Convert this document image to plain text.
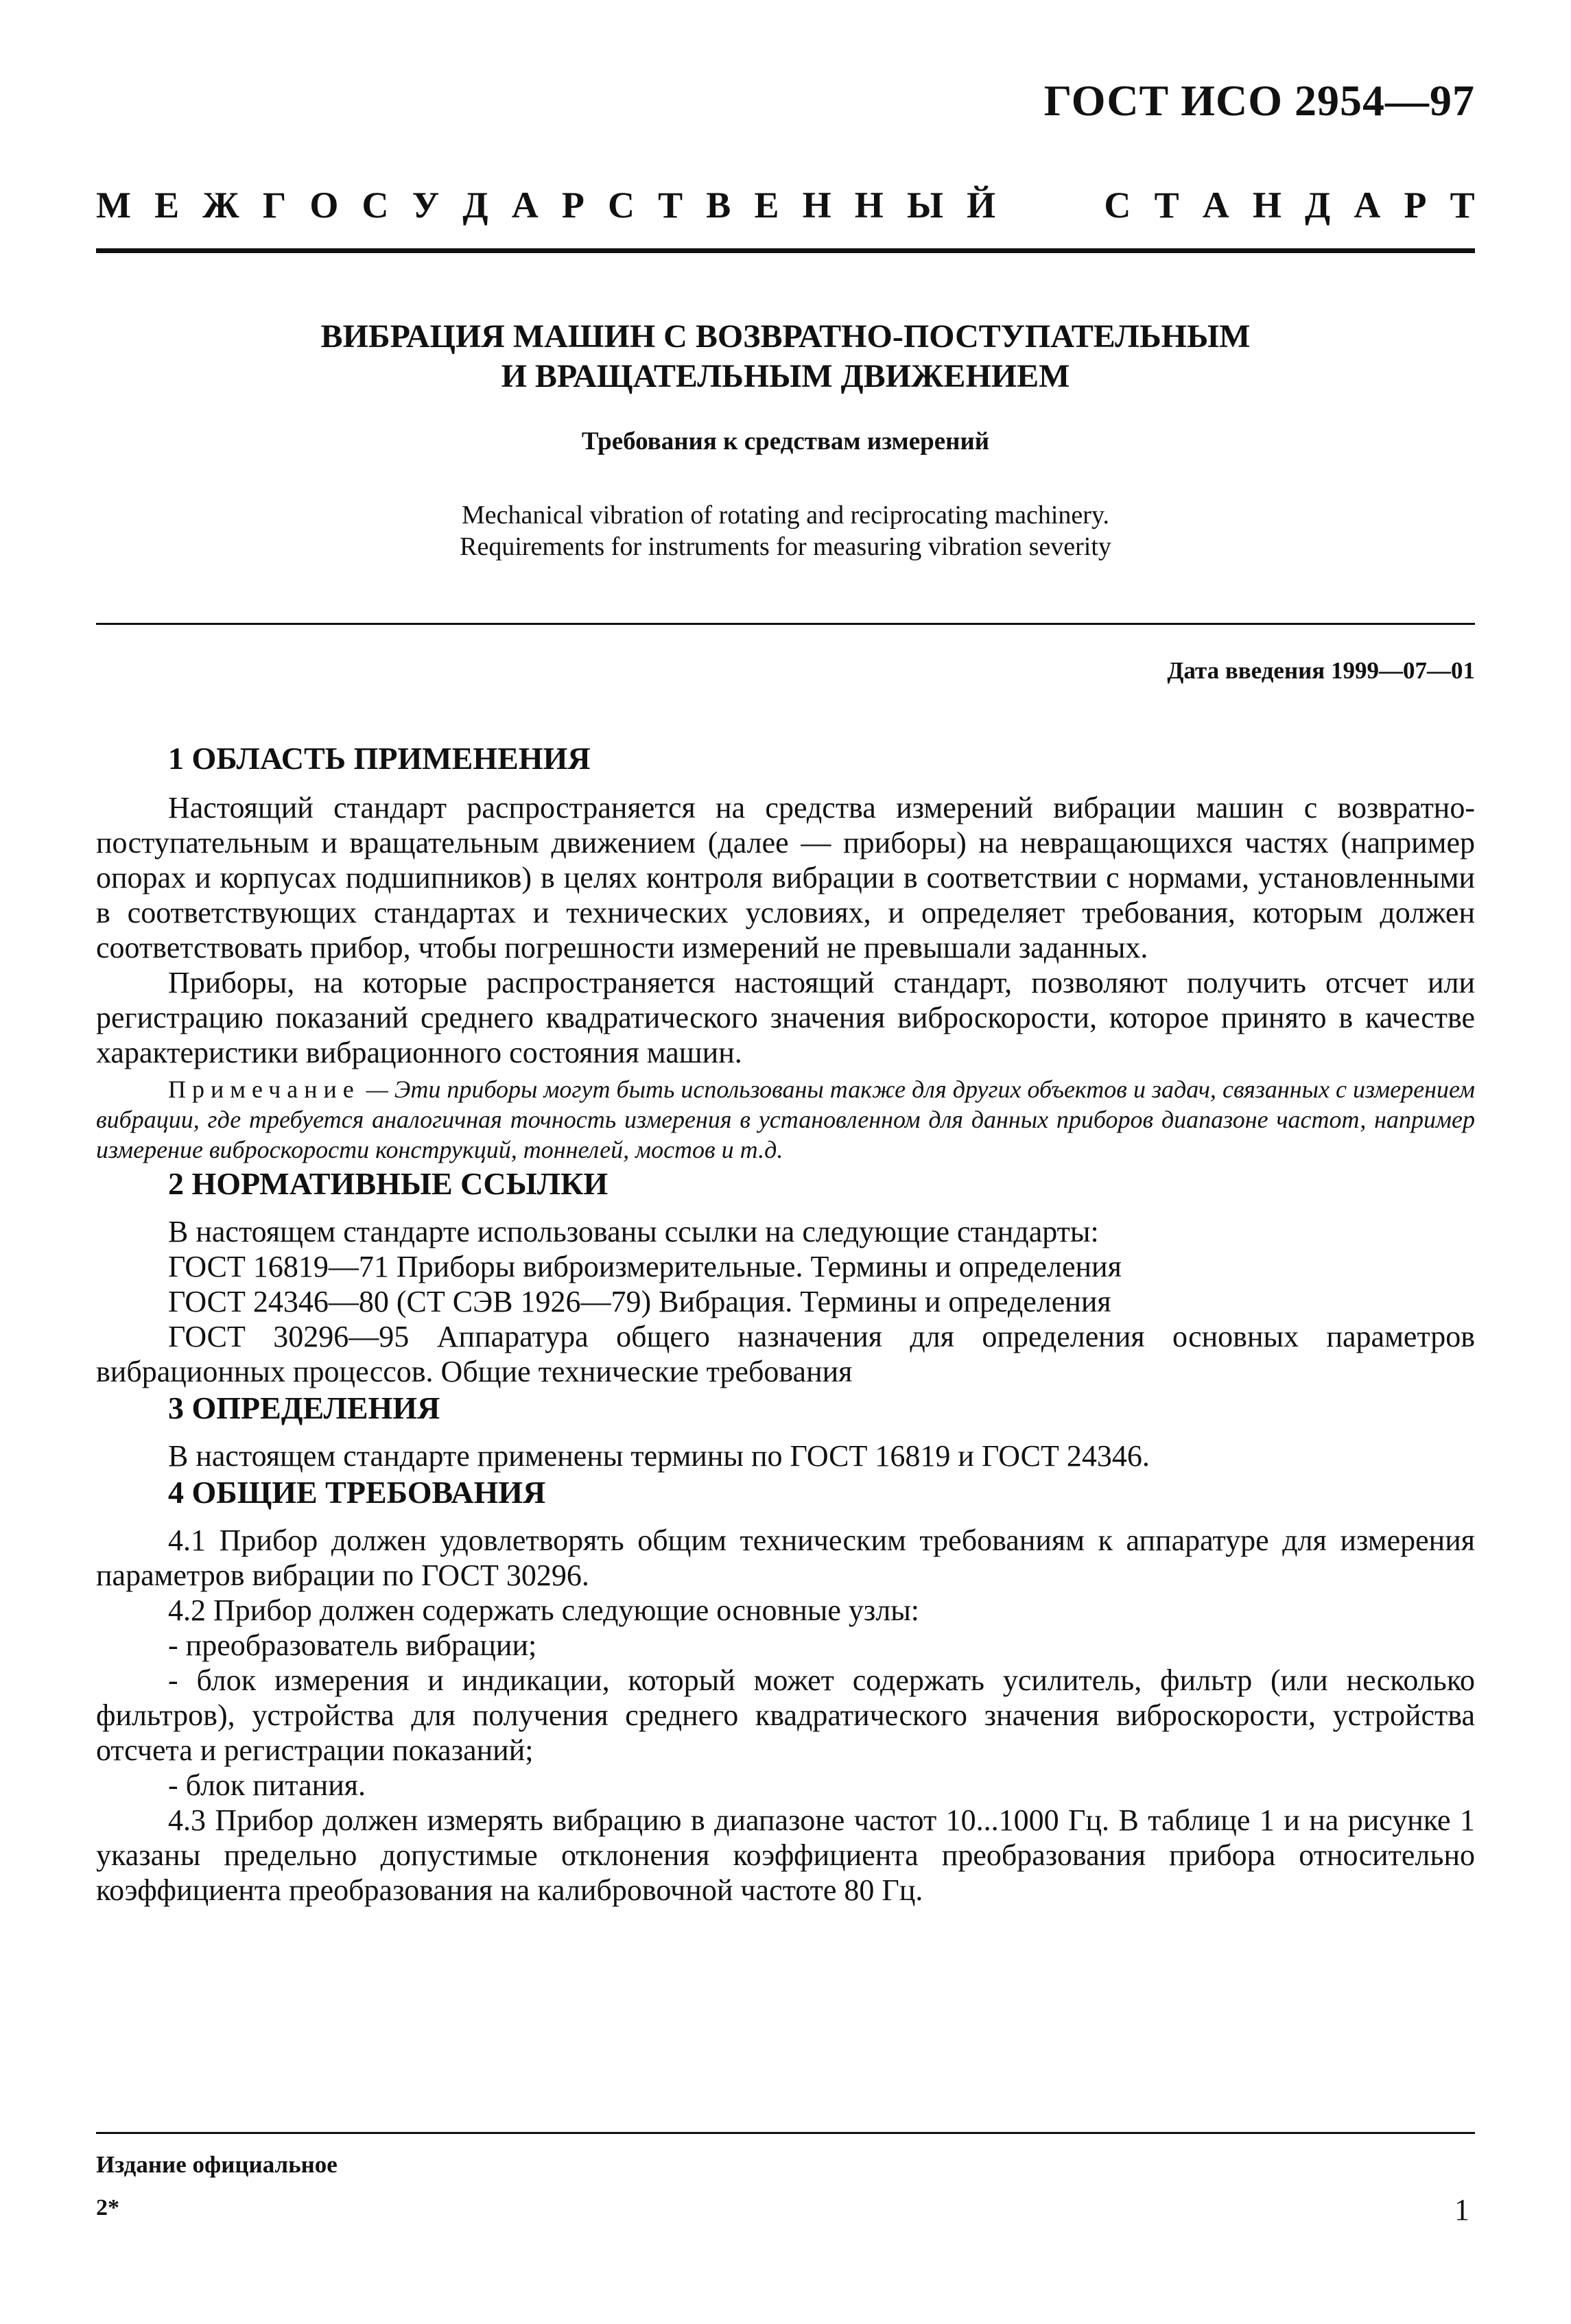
ГОСТ ИСО 2954—97
М Е Ж Г О С У Д А Р С Т В Е Н Н Ы Й	С Т А Н Д А Р Т
ВИБРАЦИЯ МАШИН С ВОЗВРАТНО-ПОСТУПАТЕЛЬНЫМ
И ВРАЩАТЕЛЬНЫМ ДВИЖЕНИЕМ
Требования к средствам измерений
Mechanical vibration of rotating and reciprocating machinery.
Requirements for instruments for measuring vibration severity
Дата введения 1999—07—01
1 ОБЛАСТЬ ПРИМЕНЕНИЯ

Настоящий стандарт распространяется на средства измерений вибрации машин с возвратно-поступательным и вращательным движением (далее — приборы) на невращающихся частях (например опорах и корпусах подшипников) в целях контроля вибрации в соответствии с нормами, установленными в соответствующих стандартах и технических условиях, и определяет требования, которым должен соответствовать прибор, чтобы погрешности измерений не превышали заданных.

Приборы, на которые распространяется настоящий стандарт, позволяют получить отсчет или регистрацию показаний среднего квадратического значения виброскорости, которое принято в качестве характеристики вибрационного состояния машин.

Примечание — Эти приборы могут быть использованы также для других объектов и задач, связанных с измерением вибрации, где требуется аналогичная точность измерения в установленном для данных приборов диапазоне частот, например измерение виброскорости конструкций, тоннелей, мостов и т.д.

2 НОРМАТИВНЫЕ ССЫЛКИ

В настоящем стандарте использованы ссылки на следующие стандарты:

ГОСТ 16819—71 Приборы виброизмерительные. Термины и определения

ГОСТ 24346—80 (СТ СЭВ 1926—79) Вибрация. Термины и определения

ГОСТ 30296—95 Аппаратура общего назначения для определения основных параметров вибрационных процессов. Общие технические требования

3 ОПРЕДЕЛЕНИЯ

В настоящем стандарте применены термины по ГОСТ 16819 и ГОСТ 24346.

4 ОБЩИЕ ТРЕБОВАНИЯ

4.1 Прибор должен удовлетворять общим техническим требованиям к аппаратуре для измерения параметров вибрации по ГОСТ 30296.

4.2 Прибор должен содержать следующие основные узлы:

- преобразователь вибрации;

- блок измерения и индикации, который может содержать усилитель, фильтр (или несколько фильтров), устройства для получения среднего квадратического значения виброскорости, устройства отсчета и регистрации показаний;

- блок питания.

4.3 Прибор должен измерять вибрацию в диапазоне частот 10...1000 Гц. В таблице 1 и на рисунке 1 указаны предельно допустимые отклонения коэффициента преобразования прибора относительно коэффициента преобразования на калибровочной частоте 80 Гц.

Издание официальное
2*	1
